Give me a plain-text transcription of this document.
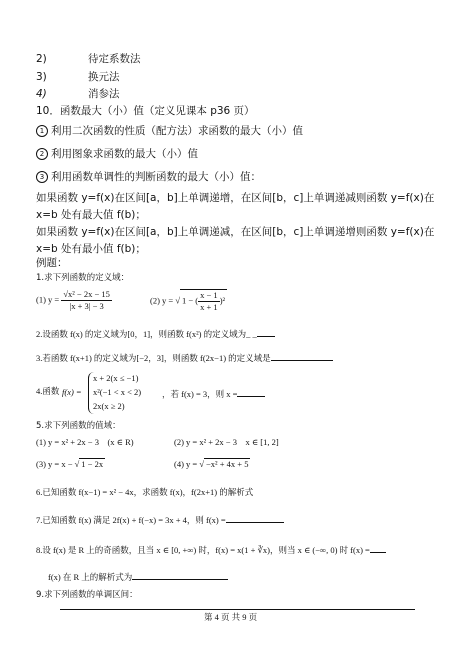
2)	待定系数法
3)	换元法
4)	消参法
10．函数最大（小）值（定义见课本 p36 页）
1 利用二次函数的性质（配方法）求函数的最大（小）值
2 利用图象求函数的最大（小）值
3 利用函数单调性的判断函数的最大（小）值：
如果函数 y=f(x)在区间[a，b]上单调递增，在区间[b，c]上单调递减则函数 y=f(x)在 x=b 处有最大值 f(b)；
如果函数 y=f(x)在区间[a，b]上单调递减，在区间[b，c]上单调递增则函数 y=f(x)在 x=b 处有最小值 f(b)；
例题：
1.求下列函数的定义域：
(1) $y = \frac{\text{√x² − 2x − 15}}{|x + 3| - 3}$	(2) y = √ 1 − ( $\frac{x - 1}{x + 1} )^2$
2.设函数 f(x) 的定义域为[0，1]，则函数 f(x²) 的定义域为_ _
3.若函数 f(x+1) 的定义域为[−2，3]，则函数 f(2x−1) 的定义域是
4.函数 f(x) =
x + 2(x ≤ −1)
x²(−1 < x < 2)
2x(x ≥ 2)
，若 f(x) = 3，则 x =
5.求下列函数的值域：
(1) y = x² + 2x − 3　(x ∈ R)	(2) y = x² + 2x − 3　x ∈ [1, 2]
(3) y = x − √ 1 − 2x	(4) y = √ −x² + 4x + 5
6.已知函数 f(x−1) = x² − 4x，求函数 f(x)，f(2x+1) 的解析式
7.已知函数 f(x) 满足 2f(x) + f(−x) = 3x + 4，则 f(x) =
8.设 f(x) 是 R 上的奇函数，且当 x ∈ [0, +∞) 时，f(x) = x(1 + ∛x)，则当 x ∈ (−∞, 0) 时 f(x) =
f(x) 在 R 上的解析式为
9.求下列函数的单调区间：
第 4 页 共 9 页
